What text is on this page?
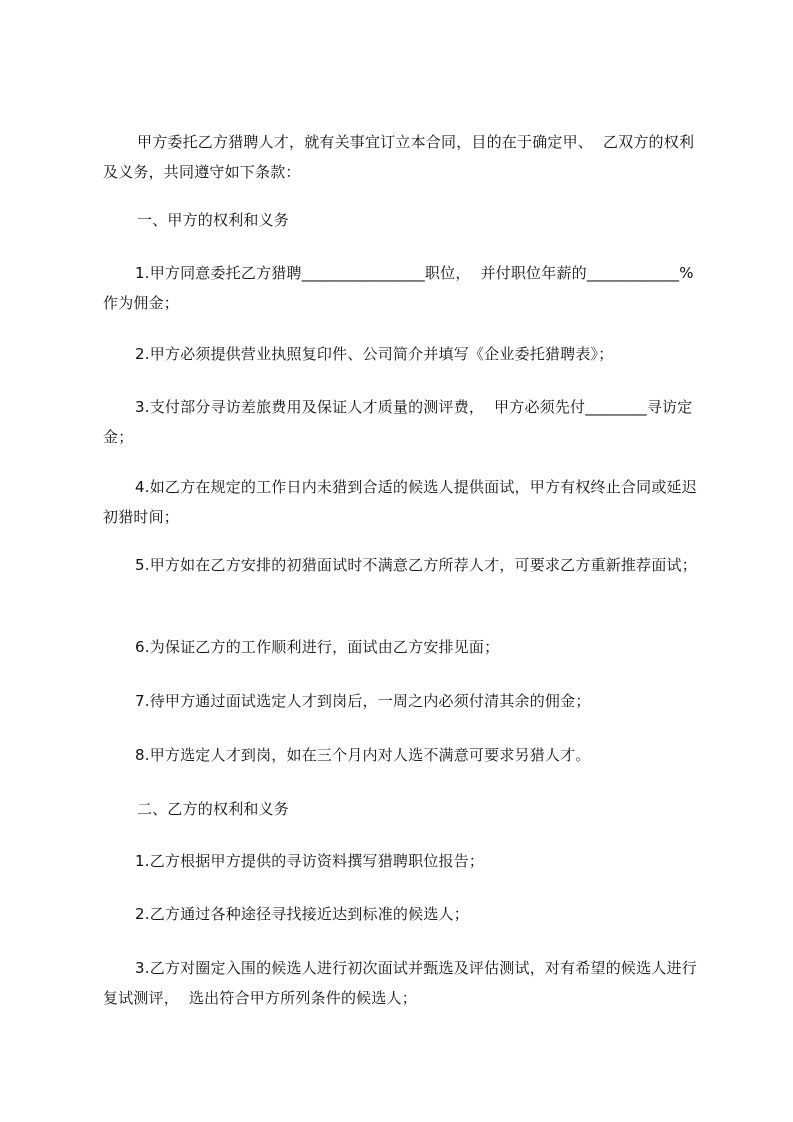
甲方委托乙方猎聘人才，就有关事宜订立本合同，目的在于确定甲、  乙双方的权利及义务，共同遵守如下条款：
一、甲方的权利和义务
1.甲方同意委托乙方猎聘________________职位，  并付职位年薪的____________%作为佣金；
2.甲方必须提供营业执照复印件、公司简介并填写《企业委托猎聘表》；
3.支付部分寻访差旅费用及保证人才质量的测评费，  甲方必须先付________寻访定金；
4.如乙方在规定的工作日内未猎到合适的候选人提供面试，甲方有权终止合同或延迟初猎时间；
5.甲方如在乙方安排的初猎面试时不满意乙方所荐人才，可要求乙方重新推荐面试；
6.为保证乙方的工作顺利进行，面试由乙方安排见面；
7.待甲方通过面试选定人才到岗后，一周之内必须付清其余的佣金；
8.甲方选定人才到岗，如在三个月内对人选不满意可要求另猎人才。
二、乙方的权利和义务
1.乙方根据甲方提供的寻访资料撰写猎聘职位报告；
2.乙方通过各种途径寻找接近达到标准的候选人；
3.乙方对圈定入围的候选人进行初次面试并甄选及评估测试，对有希望的候选人进行复试测评，  选出符合甲方所列条件的候选人；
